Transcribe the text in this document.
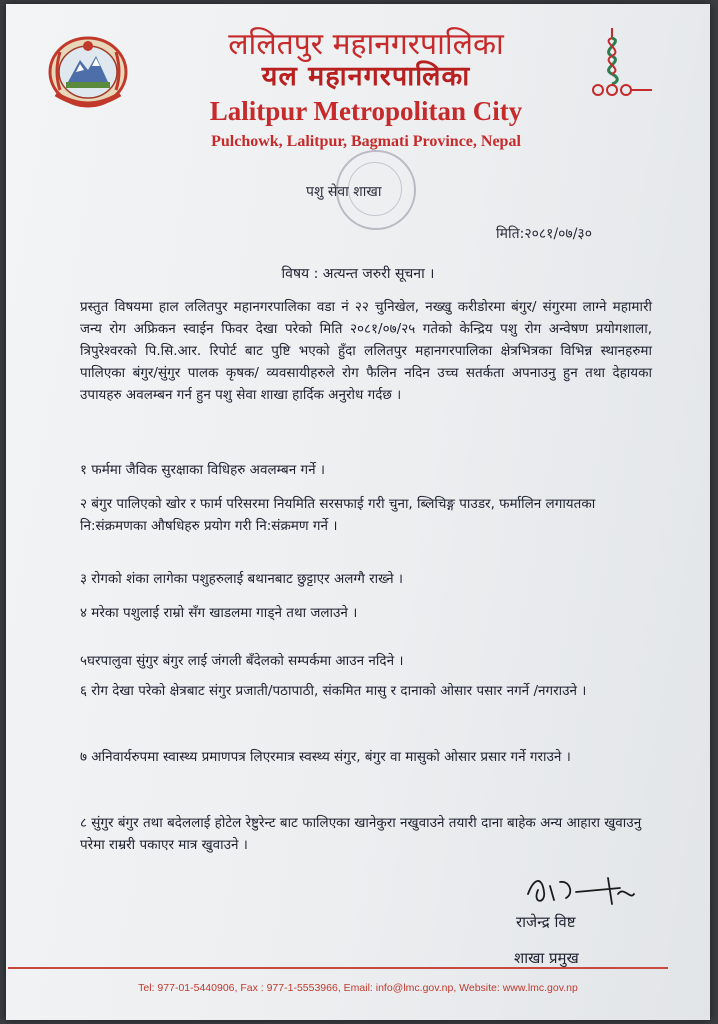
ललितपुर महानगरपालिका
यल महानगरपालिका
Lalitpur Metropolitan City
Pulchowk, Lalitpur, Bagmati Province, Nepal
पशु सेवा शाखा
मिति:२०८१/०७/३०
विषय : अत्यन्त जरुरी सूचना ।
प्रस्तुत विषयमा हाल ललितपुर महानगरपालिका वडा नं २२ चुनिखेल, नख्खु करीडोरमा बंगुर/ संगुरमा लाग्ने महामारी जन्य रोग अफ्रिकन स्वाईन फिवर देखा परेको मिति २०८१/०७/२५ गतेको केन्द्रिय पशु रोग अन्वेषण प्रयोगशाला, त्रिपुरेश्वरको पि.सि.आर. रिपोर्ट बाट पुष्टि भएको हुँदा ललितपुर महानगरपालिका क्षेत्रभित्रका विभिन्न स्थानहरुमा पालिएका बंगुर/सुंगुर पालक कृषक/ व्यवसायीहरुले रोग फैलिन नदिन उच्च सतर्कता अपनाउनु हुन तथा देहायका उपायहरु अवलम्बन गर्न हुन पशु सेवा शाखा हार्दिक अनुरोध गर्दछ ।
१ फर्ममा जैविक सुरक्षाका विधिहरु अवलम्बन गर्ने ।
२ बंगुर पालिएको खोर र फार्म परिसरमा नियमिति सरसफाई गरी चुना, ब्लिचिङ्ग पाउडर, फर्मालिन लगायतका नि:संक्रमणका औषधिहरु प्रयोग गरी नि:संक्रमण गर्ने ।
३ रोगको शंका लागेका पशुहरुलाई बथानबाट छुट्टाएर अलग्गै राख्ने ।
४ मरेका पशुलाई राम्रो सँग खाडलमा गाड्ने तथा जलाउने ।
५घरपालुवा सुंगुर बंगुर लाई जंगली बँदेलको सम्पर्कमा आउन नदिने ।
६ रोग देखा परेको क्षेत्रबाट संगुर प्रजाती/पठापाठी, संकमित मासु र दानाको ओसार पसार नगर्ने /नगराउने ।
७ अनिवार्यरुपमा स्वास्थ्य प्रमाणपत्र लिएरमात्र स्वस्थ्य संगुर, बंगुर वा मासुको ओसार प्रसार गर्ने गराउने ।
८ सुंगुर बंगुर तथा बदेललाई होटेल रेष्टुरेन्ट बाट फालिएका खानेकुरा नखुवाउने तयारी दाना बाहेक अन्य आहारा खुवाउनु परेमा राम्ररी पकाएर मात्र खुवाउने ।
राजेन्द्र विष्ट
शाखा प्रमुख
Tel: 977-01-5440906, Fax : 977-1-5553966, Email: info@lmc.gov.np, Website: www.lmc.gov.np
